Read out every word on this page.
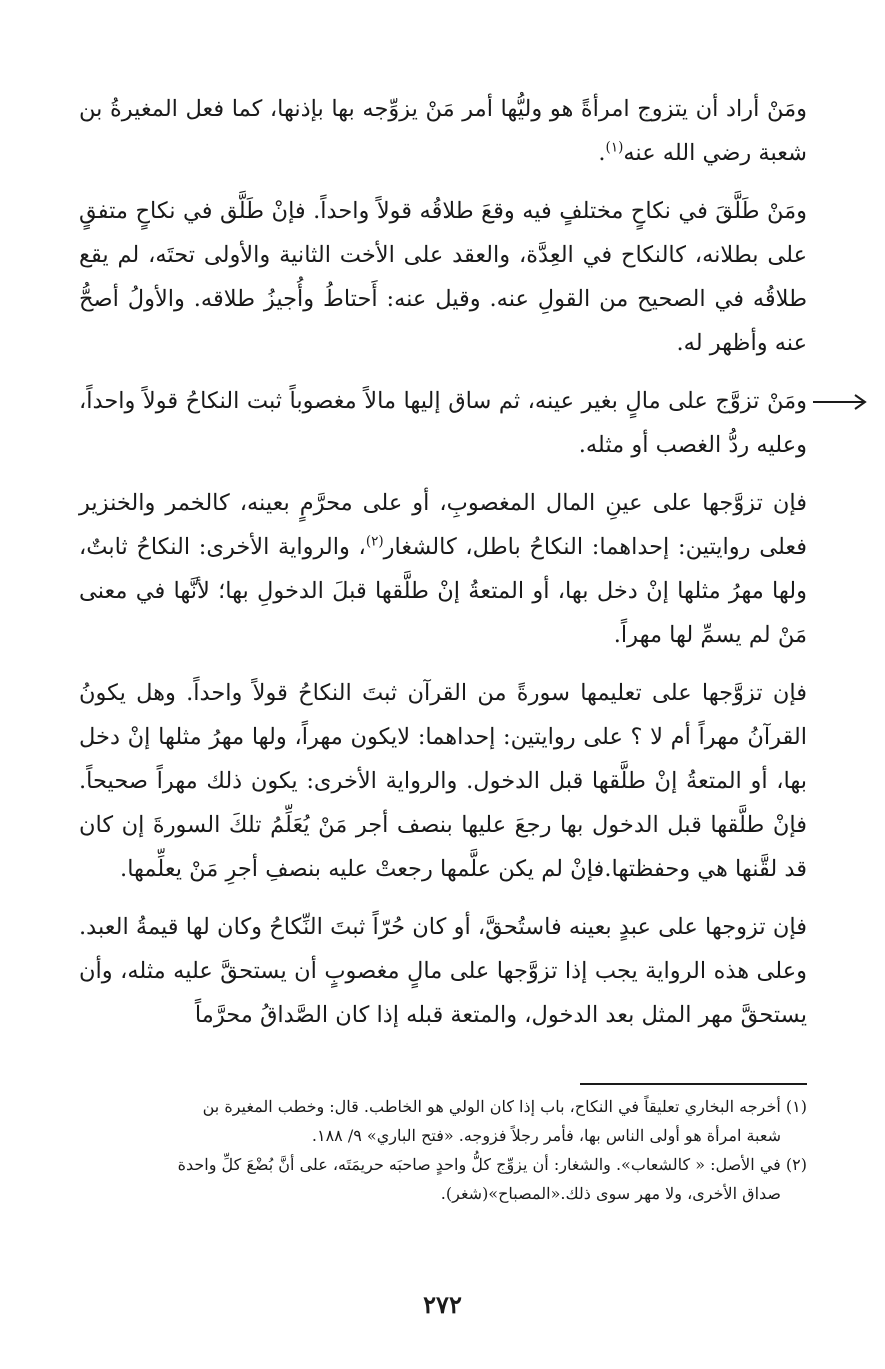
ومَنْ أراد أن يتزوج امرأةً هو وليُّها أمر مَنْ يزوِّجه بها بإذنها، كما فعل المغيرةُ بن شعبة رضي الله عنه$^{(١)}$.

ومَنْ طَلَّقَ في نكاحٍ مختلفٍ فيه وقعَ طلاقُه قولاً واحداً. فإنْ طَلَّق في نكاحٍ متفقٍ على بطلانه، كالنكاح في العِدَّة، والعقد على الأخت الثانية والأولى تحتَه، لم يقع طلاقُه في الصحيح من القولِ عنه. وقيل عنه: أَحتاطُ وأُجيزُ طلاقه. والأولُ أصحُّ عنه وأظهر له.

ومَنْ تزوَّج على مالٍ بغير عينه، ثم ساق إليها مالاً مغصوباً ثبت النكاحُ قولاً واحداً، وعليه ردُّ الغصب أو مثله.

فإن تزوَّجها على عينِ المال المغصوبِ، أو على محرَّمٍ بعينه، كالخمر والخنزير فعلى روايتين: إحداهما: النكاحُ باطل، كالشغار$^{(٢)}$، والرواية الأخرى: النكاحُ ثابتٌ، ولها مهرُ مثلها إنْ دخل بها، أو المتعةُ إنْ طلَّقها قبلَ الدخولِ بها؛ لأنَّها في معنى مَنْ لم يسمِّ لها مهراً.

فإن تزوَّجها على تعليمها سورةً من القرآن ثبتَ النكاحُ قولاً واحداً. وهل يكونُ القرآنُ مهراً أم لا ؟ على روايتين: إحداهما: لايكون مهراً، ولها مهرُ مثلها إنْ دخل بها، أو المتعةُ إنْ طلَّقها قبل الدخول. والرواية الأخرى: يكون ذلك مهراً صحيحاً. فإنْ طلَّقها قبل الدخول بها رجعَ عليها بنصف أجر مَنْ يُعَلِّمُ تلكَ السورةَ إن كان قد لقَّنها هي وحفظتها.فإنْ لم يكن علَّمها رجعتْ عليه بنصفِ أجرِ مَنْ يعلِّمها.

فإن تزوجها على عبدٍ بعينه فاستُحقَّ، أو كان حُرّاً ثبتَ النِّكاحُ وكان لها قيمةُ العبد. وعلى هذه الرواية يجب إذا تزوَّجها على مالٍ مغصوبٍ أن يستحقَّ عليه مثله، وأن يستحقَّ مهر المثل بعد الدخول، والمتعة قبله إذا كان الصَّداقُ محرَّماً

(١) أخرجه البخاري تعليقاً في النكاح، باب إذا كان الولي هو الخاطب. قال: وخطب المغيرة بن

شعبة امرأة هو أولى الناس بها، فأمر رجلاً فزوجه. «فتح الباري» ٩/ ١٨٨.

(٢) في الأصل: « كالشعاب». والشغار: أن يزوِّج كلُّ واحدٍ صاحبَه حريمَتَه، على أنَّ بُضْعَ كلِّ واحدة

صداق الأخرى، ولا مهر سوى ذلك.«المصباح»(شغر).

٢٧٢
